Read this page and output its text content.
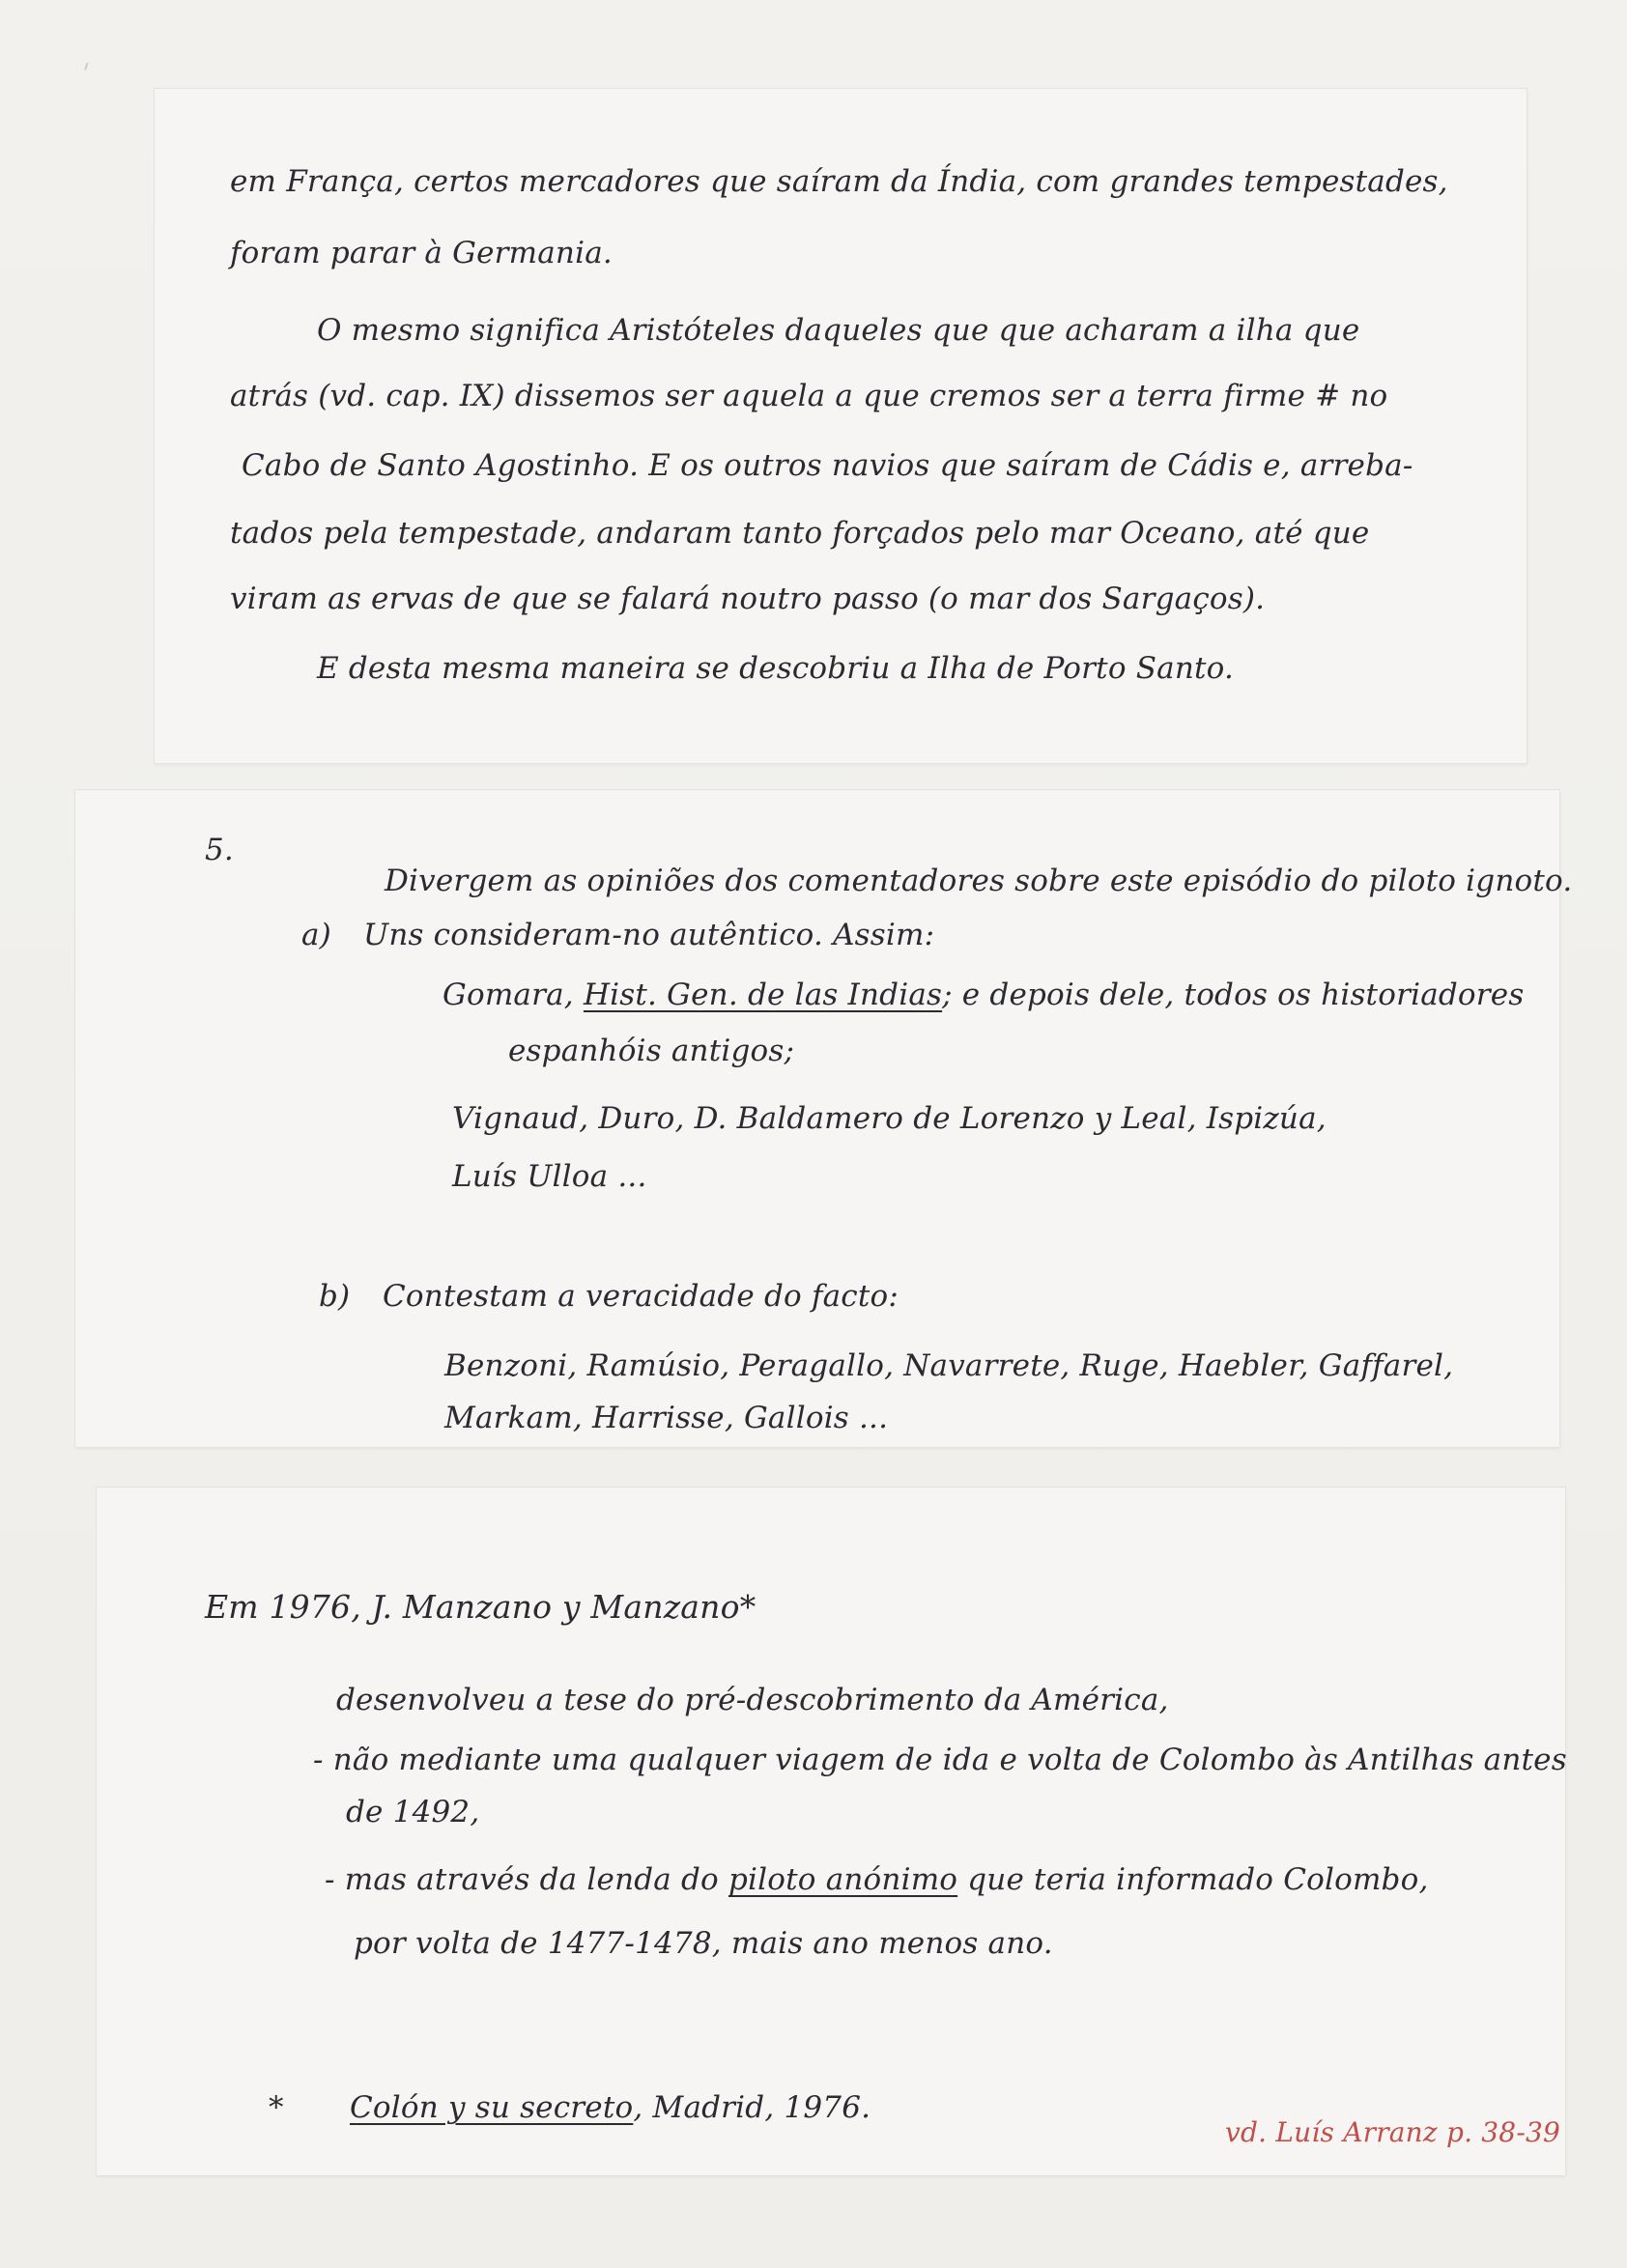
em França, certos mercadores que saíram da Índia, com grandes tempestades,
foram parar à Germania.
O mesmo significa Aristóteles daqueles que que acharam a ilha que
atrás (vd. cap. IX) dissemos ser aquela a que cremos ser a terra firme # no
Cabo de Santo Agostinho. E os outros navios que saíram de Cádis e, arreba-
tados pela tempestade, andaram tanto forçados pelo mar Oceano, até que
viram as ervas de que se falará noutro passo (o mar dos Sargaços).
E desta mesma maneira se descobriu a Ilha de Porto Santo.
5.
Divergem as opiniões dos comentadores sobre este episódio do piloto ignoto.
a) Uns consideram-no autêntico. Assim:
Gomara, Hist. Gen. de las Indias; e depois dele, todos os historiadores
espanhóis antigos;
Vignaud, Duro, D. Baldamero de Lorenzo y Leal, Ispizúa,
Luís Ulloa ...
b) Contestam a veracidade do facto:
Benzoni, Ramúsio, Peragallo, Navarrete, Ruge, Haebler, Gaffarel,
Markam, Harrisse, Gallois ...
Em 1976, J. Manzano y Manzano*
desenvolveu a tese do pré-descobrimento da América,
- não mediante uma qualquer viagem de ida e volta de Colombo às Antilhas antes
de 1492,
- mas através da lenda do piloto anónimo que teria informado Colombo,
por volta de 1477-1478, mais ano menos ano.
* Colón y su secreto, Madrid, 1976.
vd. Luís Arranz p. 38-39
